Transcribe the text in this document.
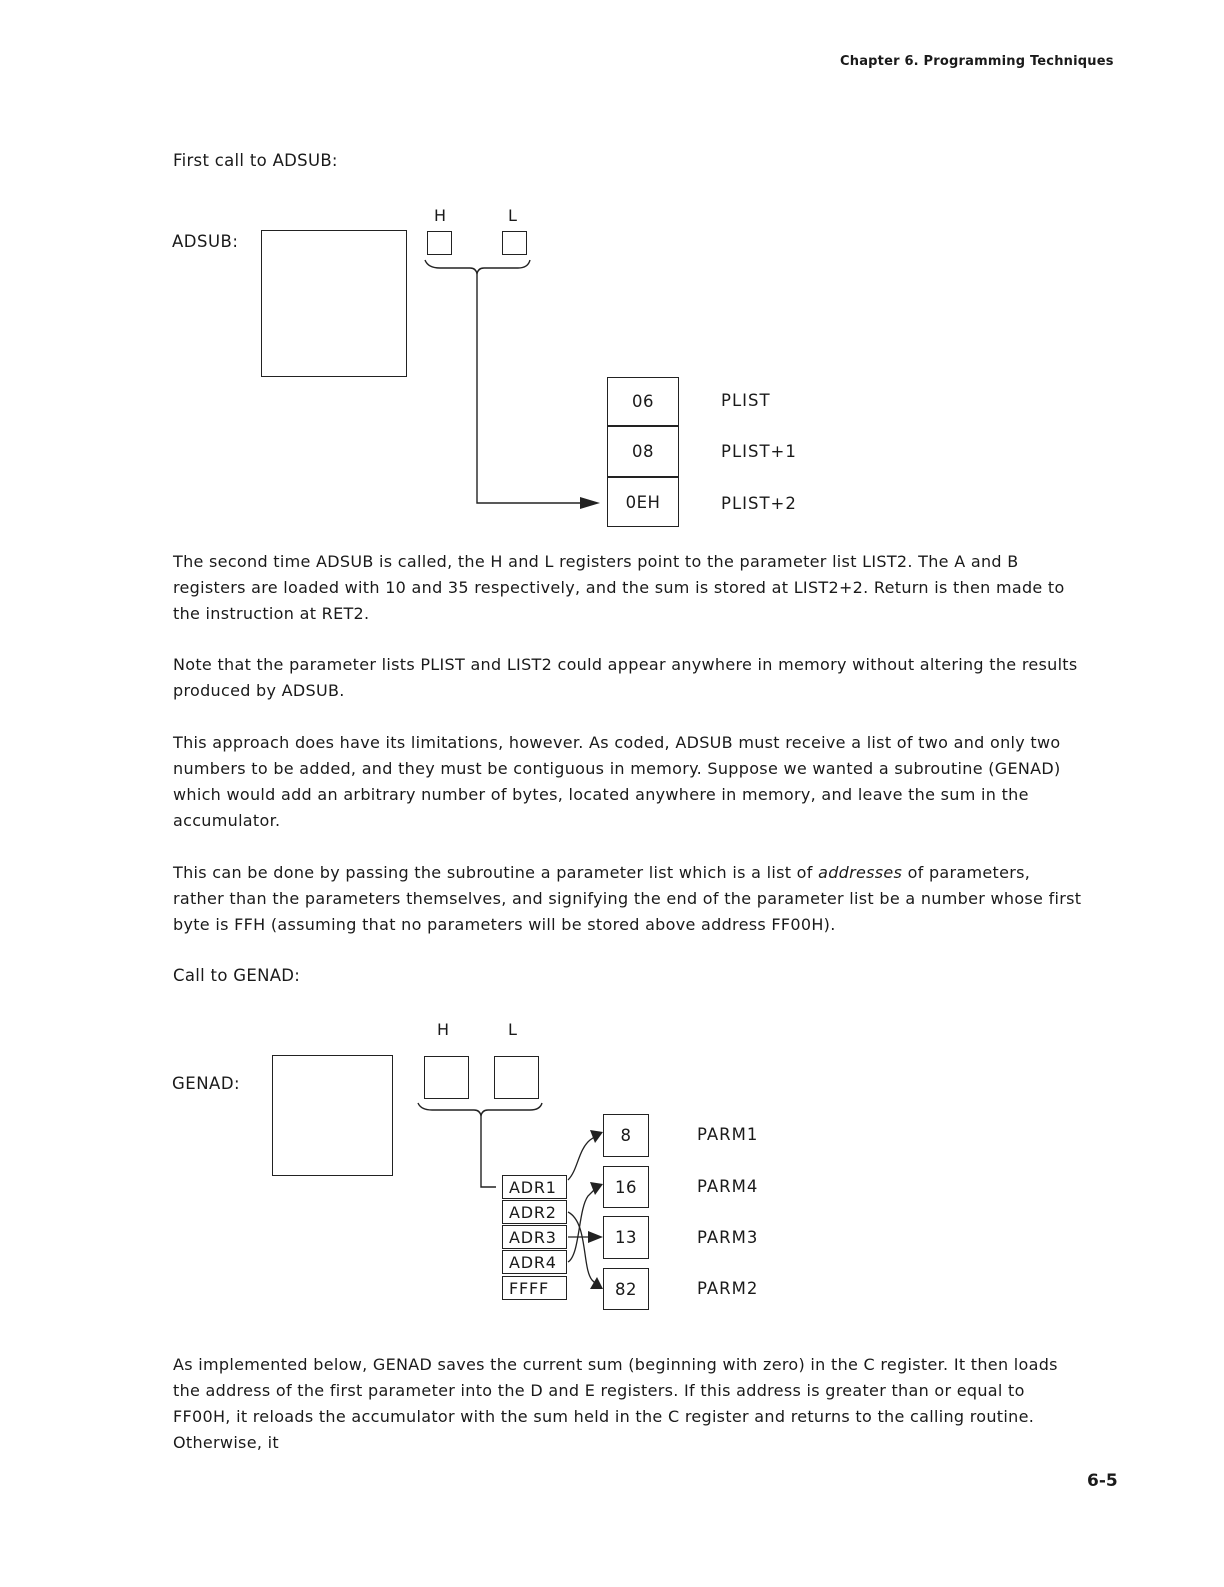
Chapter 6. Programming Techniques
First call to ADSUB:
ADSUB:
H	L
06
08
0EH
PLIST
PLIST+1
PLIST+2
The second time ADSUB is called, the H and L registers point to the parameter list LIST2. The A and B registers are loaded with 10 and 35 respectively, and the sum is stored at LIST2+2. Return is then made to the instruction at RET2.
Note that the parameter lists PLIST and LIST2 could appear anywhere in memory without altering the results produced by ADSUB.
This approach does have its limitations, however. As coded, ADSUB must receive a list of two and only two numbers to be added, and they must be contiguous in memory. Suppose we wanted a subroutine (GENAD) which would add an arbitrary number of bytes, located anywhere in memory, and leave the sum in the accumulator.
This can be done by passing the subroutine a parameter list which is a list of addresses of parameters, rather than the parameters themselves, and signifying the end of the parameter list be a number whose first byte is FFH (assuming that no parameters will be stored above address FF00H).
Call to GENAD:
GENAD:
H	L
ADR1
ADR2
ADR3
ADR4
FFFF
8
16
13
82
PARM1
PARM4
PARM3
PARM2
As implemented below, GENAD saves the current sum (beginning with zero) in the C register. It then loads the address of the first parameter into the D and E registers. If this address is greater than or equal to FF00H, it reloads the accumulator with the sum held in the C register and returns to the calling routine. Otherwise, it
6-5
